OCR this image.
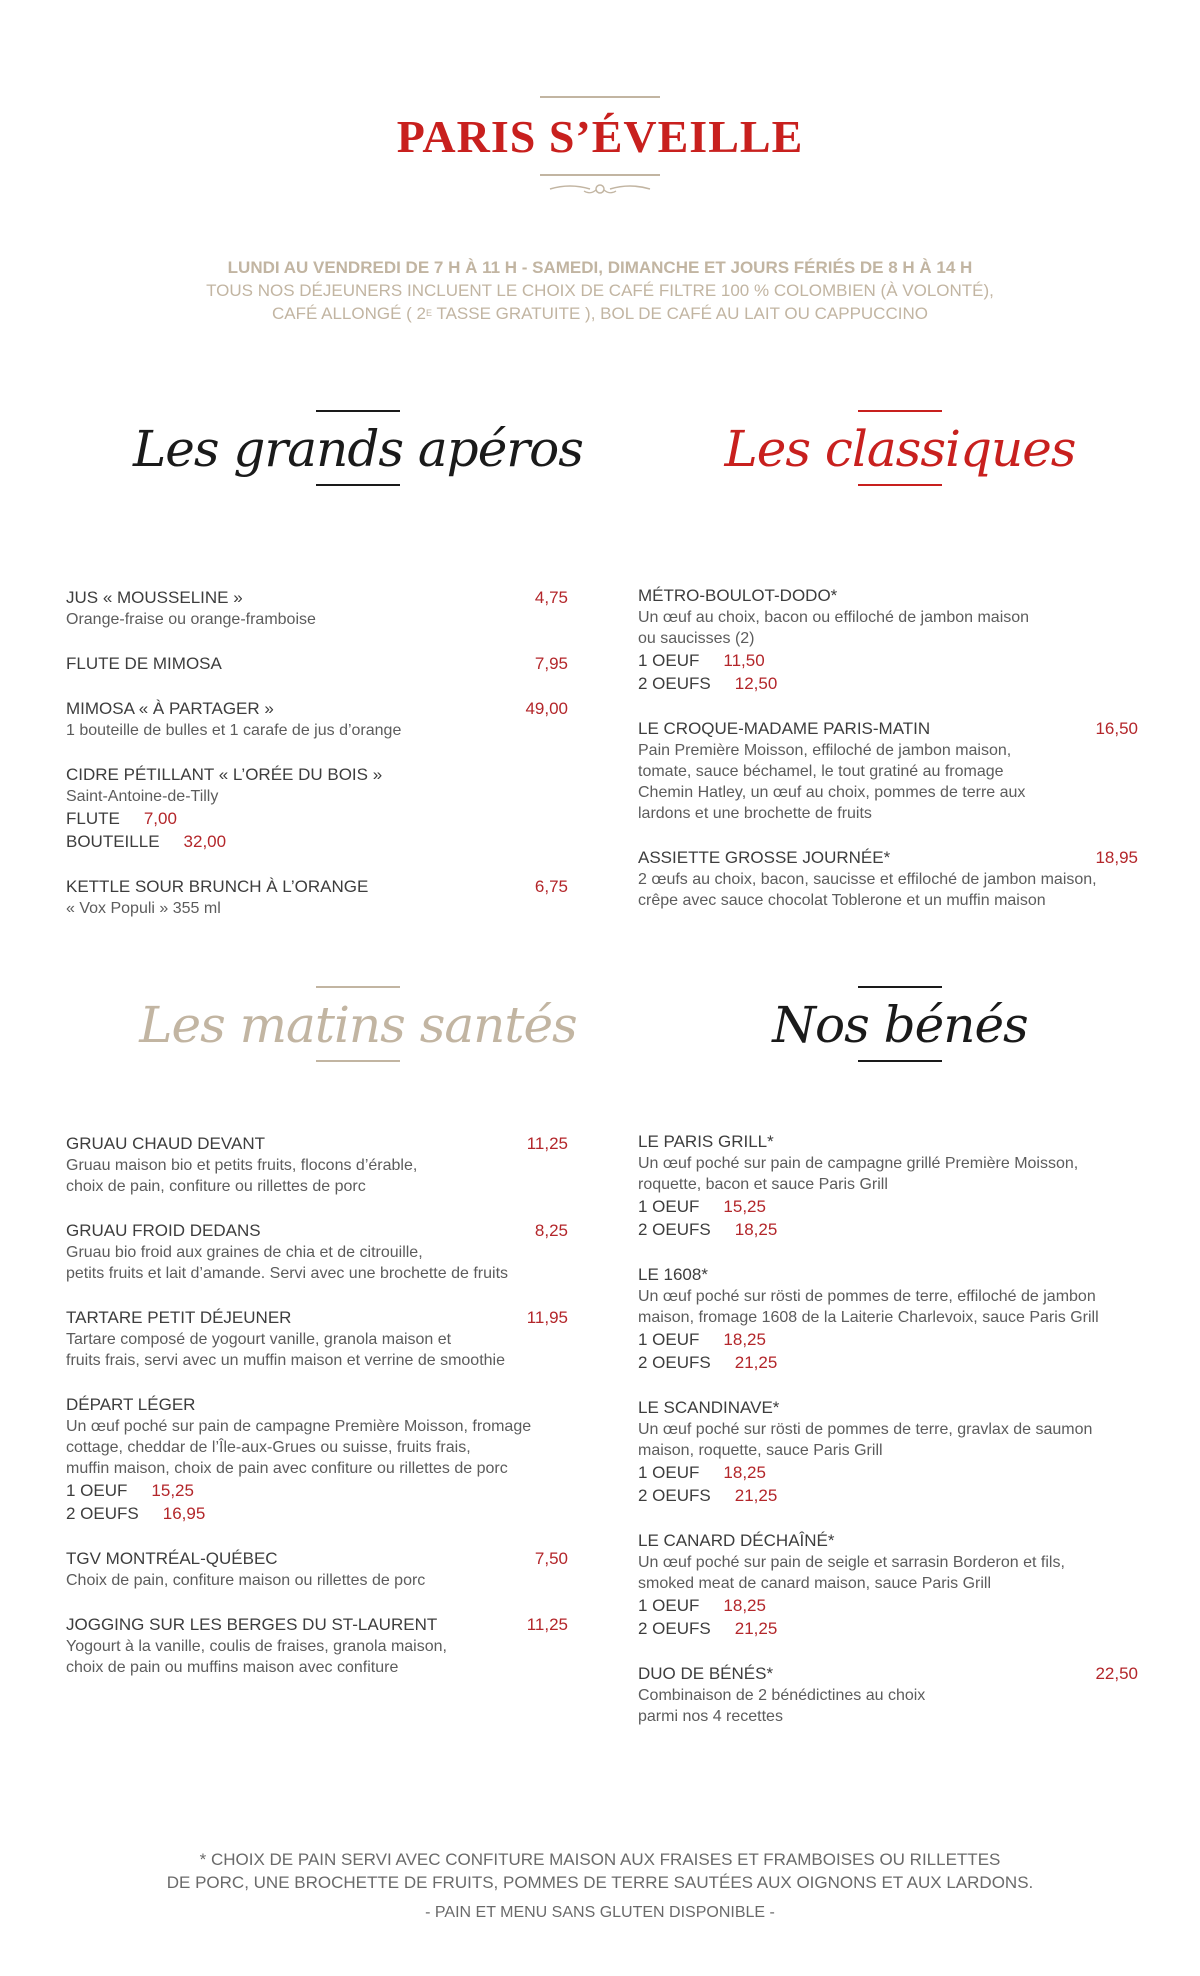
PARIS S’ÉVEILLE
LUNDI AU VENDREDI DE 7 H À 11 H - SAMEDI, DIMANCHE ET JOURS FÉRIÉS DE 8 H À 14 H
TOUS NOS DÉJEUNERS INCLUENT LE CHOIX DE CAFÉ FILTRE 100 % COLOMBIEN (À VOLONTÉ),
CAFÉ ALLONGÉ ( $2^E$ TASSE GRATUITE ), BOL DE CAFÉ AU LAIT OU CAPPUCCINO
Les grands apéros	Les classiques
Les matins santés	Nos bénés
JUS « MOUSSELINE »	4,75
Orange-fraise ou orange-framboise
FLUTE DE MIMOSA	7,95
MIMOSA « À PARTAGER »	49,00
1 bouteille de bulles et 1 carafe de jus d’orange
CIDRE PÉTILLANT « L’ORÉE DU BOIS »
Saint-Antoine-de-Tilly
FLUTE 7,00
BOUTEILLE 32,00
KETTLE SOUR BRUNCH À L’ORANGE	6,75
« Vox Populi » 355 ml
MÉTRO-BOULOT-DODO*
Un œuf au choix, bacon ou effiloché de jambon maison
ou saucisses (2)
1 OEUF 11,50
2 OEUFS 12,50
LE CROQUE-MADAME PARIS-MATIN	16,50
Pain Première Moisson, effiloché de jambon maison,
tomate, sauce béchamel, le tout gratiné au fromage
Chemin Hatley, un œuf au choix, pommes de terre aux
lardons et une brochette de fruits
ASSIETTE GROSSE JOURNÉE*	18,95
2 œufs au choix, bacon, saucisse et effiloché de jambon maison,
crêpe avec sauce chocolat Toblerone et un muffin maison
GRUAU CHAUD DEVANT	11,25
Gruau maison bio et petits fruits, flocons d’érable,
choix de pain, confiture ou rillettes de porc
GRUAU FROID DEDANS	8,25
Gruau bio froid aux graines de chia et de citrouille,
petits fruits et lait d’amande. Servi avec une brochette de fruits
TARTARE PETIT DÉJEUNER	11,95
Tartare composé de yogourt vanille, granola maison et
fruits frais, servi avec un muffin maison et verrine de smoothie
DÉPART LÉGER
Un œuf poché sur pain de campagne Première Moisson, fromage
cottage, cheddar de l’Île-aux-Grues ou suisse, fruits frais,
muffin maison, choix de pain avec confiture ou rillettes de porc
1 OEUF 15,25
2 OEUFS 16,95
TGV MONTRÉAL-QUÉBEC	7,50
Choix de pain, confiture maison ou rillettes de porc
JOGGING SUR LES BERGES DU ST-LAURENT	11,25
Yogourt à la vanille, coulis de fraises, granola maison,
choix de pain ou muffins maison avec confiture
LE PARIS GRILL*
Un œuf poché sur pain de campagne grillé Première Moisson,
roquette, bacon et sauce Paris Grill
1 OEUF 15,25
2 OEUFS 18,25
LE 1608*
Un œuf poché sur rösti de pommes de terre, effiloché de jambon
maison, fromage 1608 de la Laiterie Charlevoix, sauce Paris Grill
1 OEUF 18,25
2 OEUFS 21,25
LE SCANDINAVE*
Un œuf poché sur rösti de pommes de terre, gravlax de saumon
maison, roquette, sauce Paris Grill
1 OEUF 18,25
2 OEUFS 21,25
LE CANARD DÉCHAÎNÉ*
Un œuf poché sur pain de seigle et sarrasin Borderon et fils,
smoked meat de canard maison, sauce Paris Grill
1 OEUF 18,25
2 OEUFS 21,25
DUO DE BÉNÉS*	22,50
Combinaison de 2 bénédictines au choix
parmi nos 4 recettes
* CHOIX DE PAIN SERVI AVEC CONFITURE MAISON AUX FRAISES ET FRAMBOISES OU RILLETTES
DE PORC, UNE BROCHETTE DE FRUITS, POMMES DE TERRE SAUTÉES AUX OIGNONS ET AUX LARDONS.
- PAIN ET MENU SANS GLUTEN DISPONIBLE -
